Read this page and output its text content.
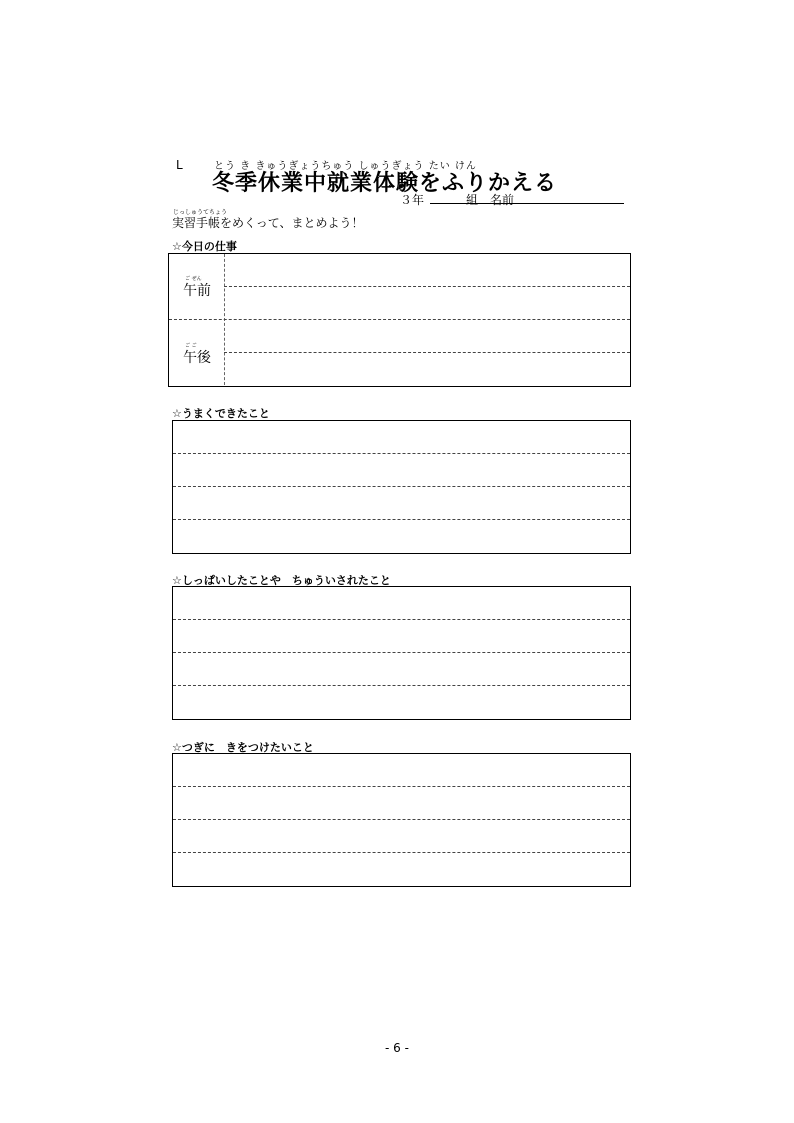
L	とう き きゅうぎょうちゅう しゅうぎょう たい けん
冬季休業中就業体験をふりかえる
３年	組 名前
じっしゅうてちょう
実習手帳をめくって、まとめよう！
☆今日の仕事
ご ぜん
午前
ご ご
午後
☆うまくできたこと
☆しっぱいしたことや　ちゅういされたこと
☆つぎに　きをつけたいこと
- 6 -
